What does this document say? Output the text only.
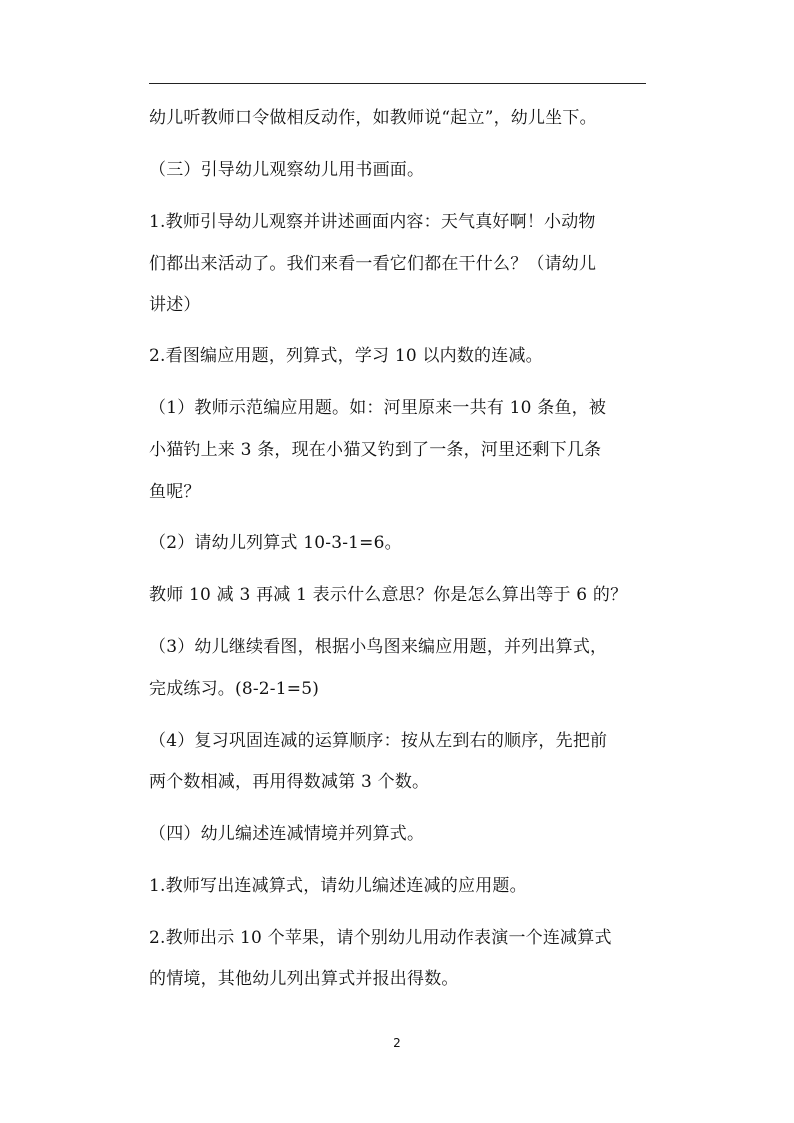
幼儿听教师口令做相反动作，如教师说“起立”，幼儿坐下。
（三）引导幼儿观察幼儿用书画面。
1.教师引导幼儿观察并讲述画面内容：天气真好啊！小动物
们都出来活动了。我们来看一看它们都在干什么？（请幼儿
讲述）
2.看图编应用题，列算式，学习 10 以内数的连减。
（1）教师示范编应用题。如：河里原来一共有 10 条鱼，被
小猫钓上来 3 条，现在小猫又钓到了一条，河里还剩下几条
鱼呢？
（2）请幼儿列算式 10-3-1=6。
教师 10 减 3 再减 1 表示什么意思？你是怎么算出等于 6 的？
（3）幼儿继续看图，根据小鸟图来编应用题，并列出算式，
完成练习。(8-2-1=5)
（4）复习巩固连减的运算顺序：按从左到右的顺序，先把前
两个数相减，再用得数减第 3 个数。
（四）幼儿编述连减情境并列算式。
1.教师写出连减算式，请幼儿编述连减的应用题。
2.教师出示 10 个苹果，请个别幼儿用动作表演一个连减算式
的情境，其他幼儿列出算式并报出得数。
2
